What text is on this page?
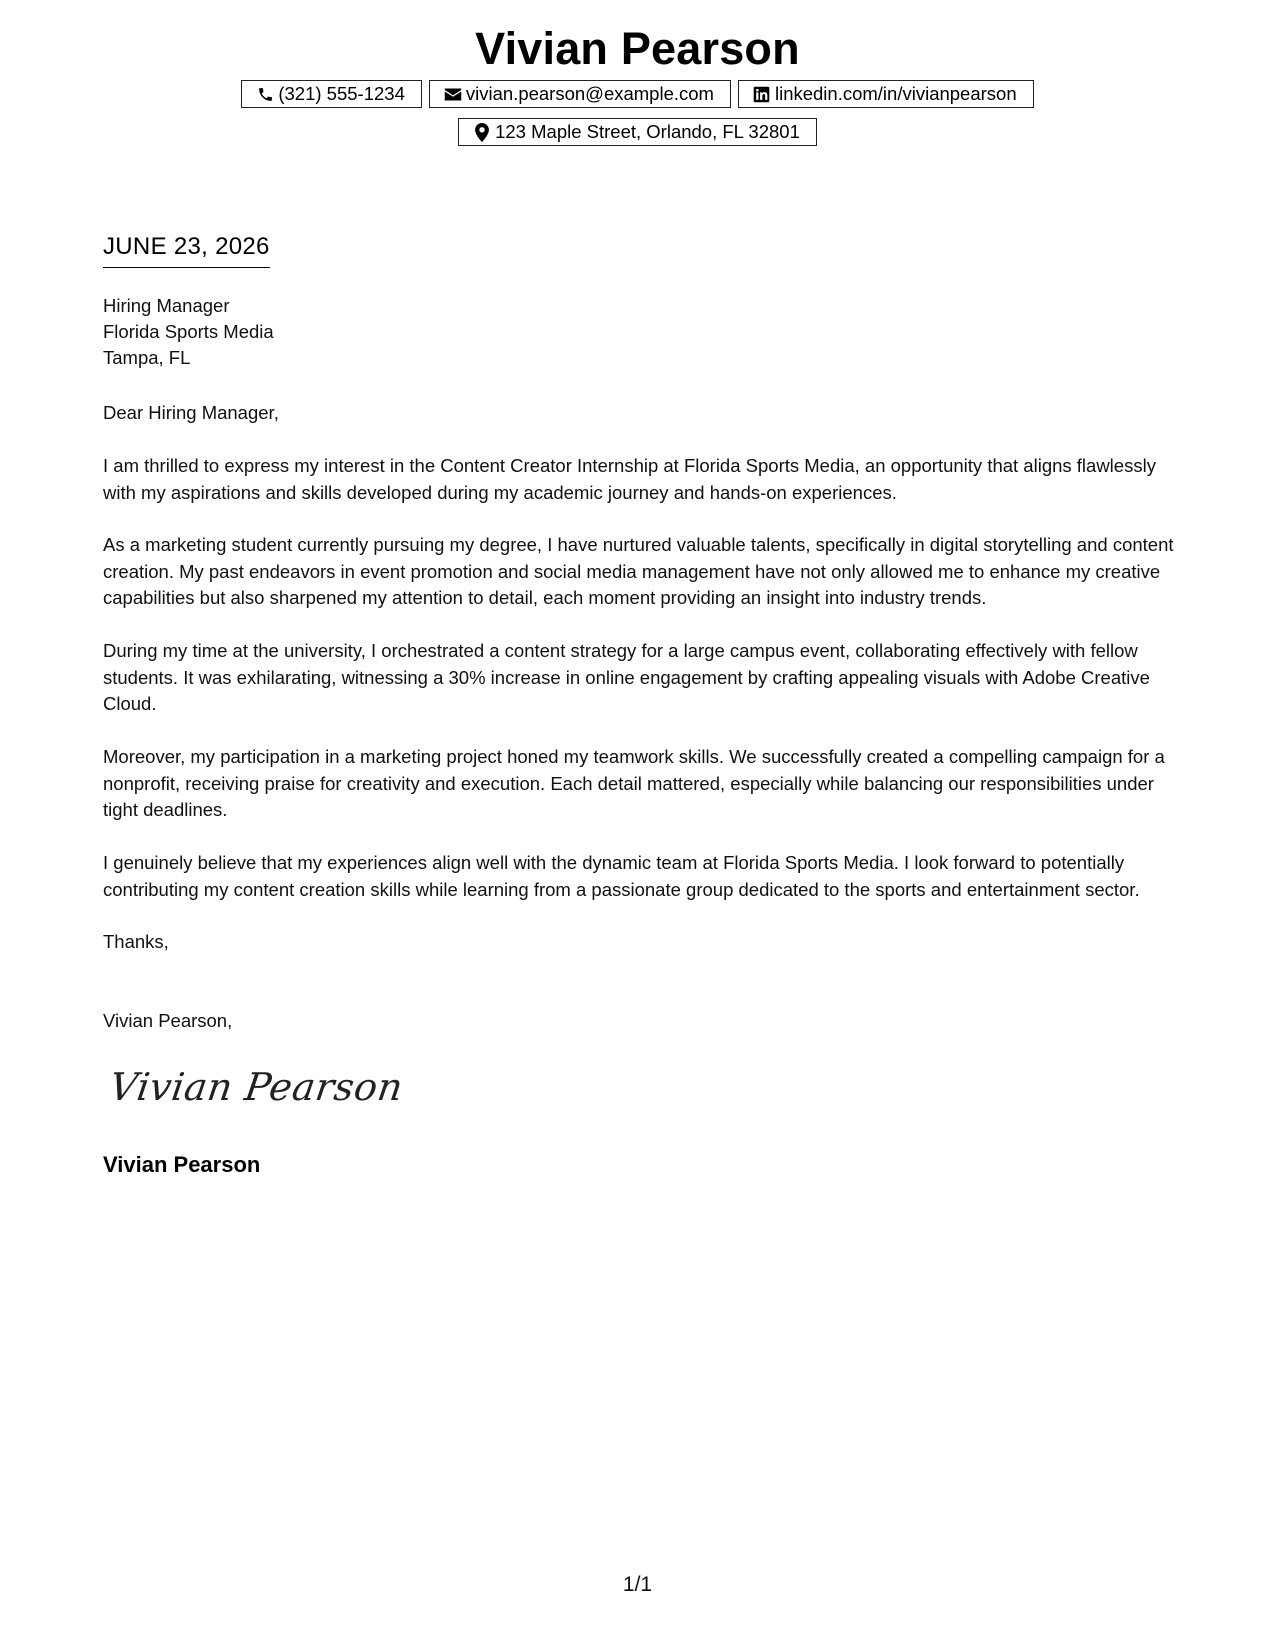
Vivian Pearson
(321) 555-1234	vivian.pearson@example.com	linkedin.com/in/vivianpearson
123 Maple Street, Orlando, FL 32801
JUNE 23, 2026
Hiring Manager
Florida Sports Media
Tampa, FL

Dear Hiring Manager,

I am thrilled to express my interest in the Content Creator Internship at Florida Sports Media, an opportunity that aligns flawlessly with my aspirations and skills developed during my academic journey and hands-on experiences.

As a marketing student currently pursuing my degree, I have nurtured valuable talents, specifically in digital storytelling and content creation. My past endeavors in event promotion and social media management have not only allowed me to enhance my creative capabilities but also sharpened my attention to detail, each moment providing an insight into industry trends.

During my time at the university, I orchestrated a content strategy for a large campus event, collaborating effectively with fellow students. It was exhilarating, witnessing a 30% increase in online engagement by crafting appealing visuals with Adobe Creative Cloud.

Moreover, my participation in a marketing project honed my teamwork skills. We successfully created a compelling campaign for a nonprofit, receiving praise for creativity and execution. Each detail mattered, especially while balancing our responsibilities under tight deadlines.

I genuinely believe that my experiences align well with the dynamic team at Florida Sports Media. I look forward to potentially contributing my content creation skills while learning from a passionate group dedicated to the sports and entertainment sector.

Thanks,

Vivian Pearson,

Vivian Pearson
Vivian Pearson
1/1
